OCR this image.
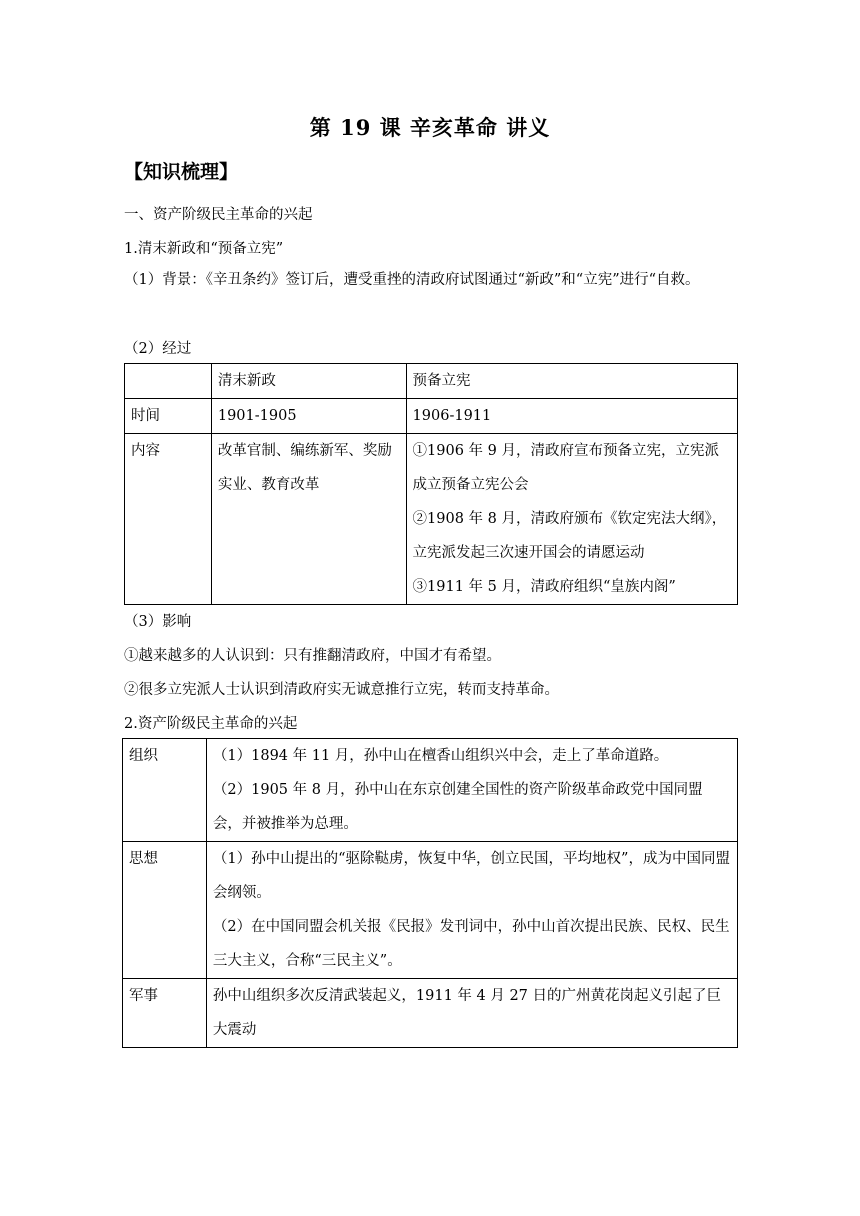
第 19 课 辛亥革命 讲义
【知识梳理】
一、资产阶级民主革命的兴起
1.清末新政和“预备立宪”
（1）背景：《辛丑条约》签订后，遭受重挫的清政府试图通过“新政”和“立宪”进行“自救。
（2）经过

	清末新政	预备立宪

时间	1901-1905	1906-1911

内容	改革官制、编练新军、奖励实业、教育改革	①1906 年 9 月，清政府宣布预备立宪，立宪派成立预备立宪公会

②1908 年 8 月，清政府颁布《钦定宪法大纲》，立宪派发起三次速开国会的请愿运动

③1911 年 5 月，清政府组织“皇族内阁”

（3）影响
①越来越多的人认识到：只有推翻清政府，中国才有希望。
②很多立宪派人士认识到清政府实无诚意推行立宪，转而支持革命。
2.资产阶级民主革命的兴起

组织	（1）1894 年 11 月，孙中山在檀香山组织兴中会，走上了革命道路。

（2）1905 年 8 月，孙中山在东京创建全国性的资产阶级革命政党中国同盟会，并被推举为总理。

思想	（1）孙中山提出的“驱除鞑虏，恢复中华，创立民国，平均地权”，成为中国同盟会纲领。

（2）在中国同盟会机关报《民报》发刊词中，孙中山首次提出民族、民权、民生三大主义，合称“三民主义”。

军事	孙中山组织多次反清武装起义，1911 年 4 月 27 日的广州黄花岗起义引起了巨大震动
